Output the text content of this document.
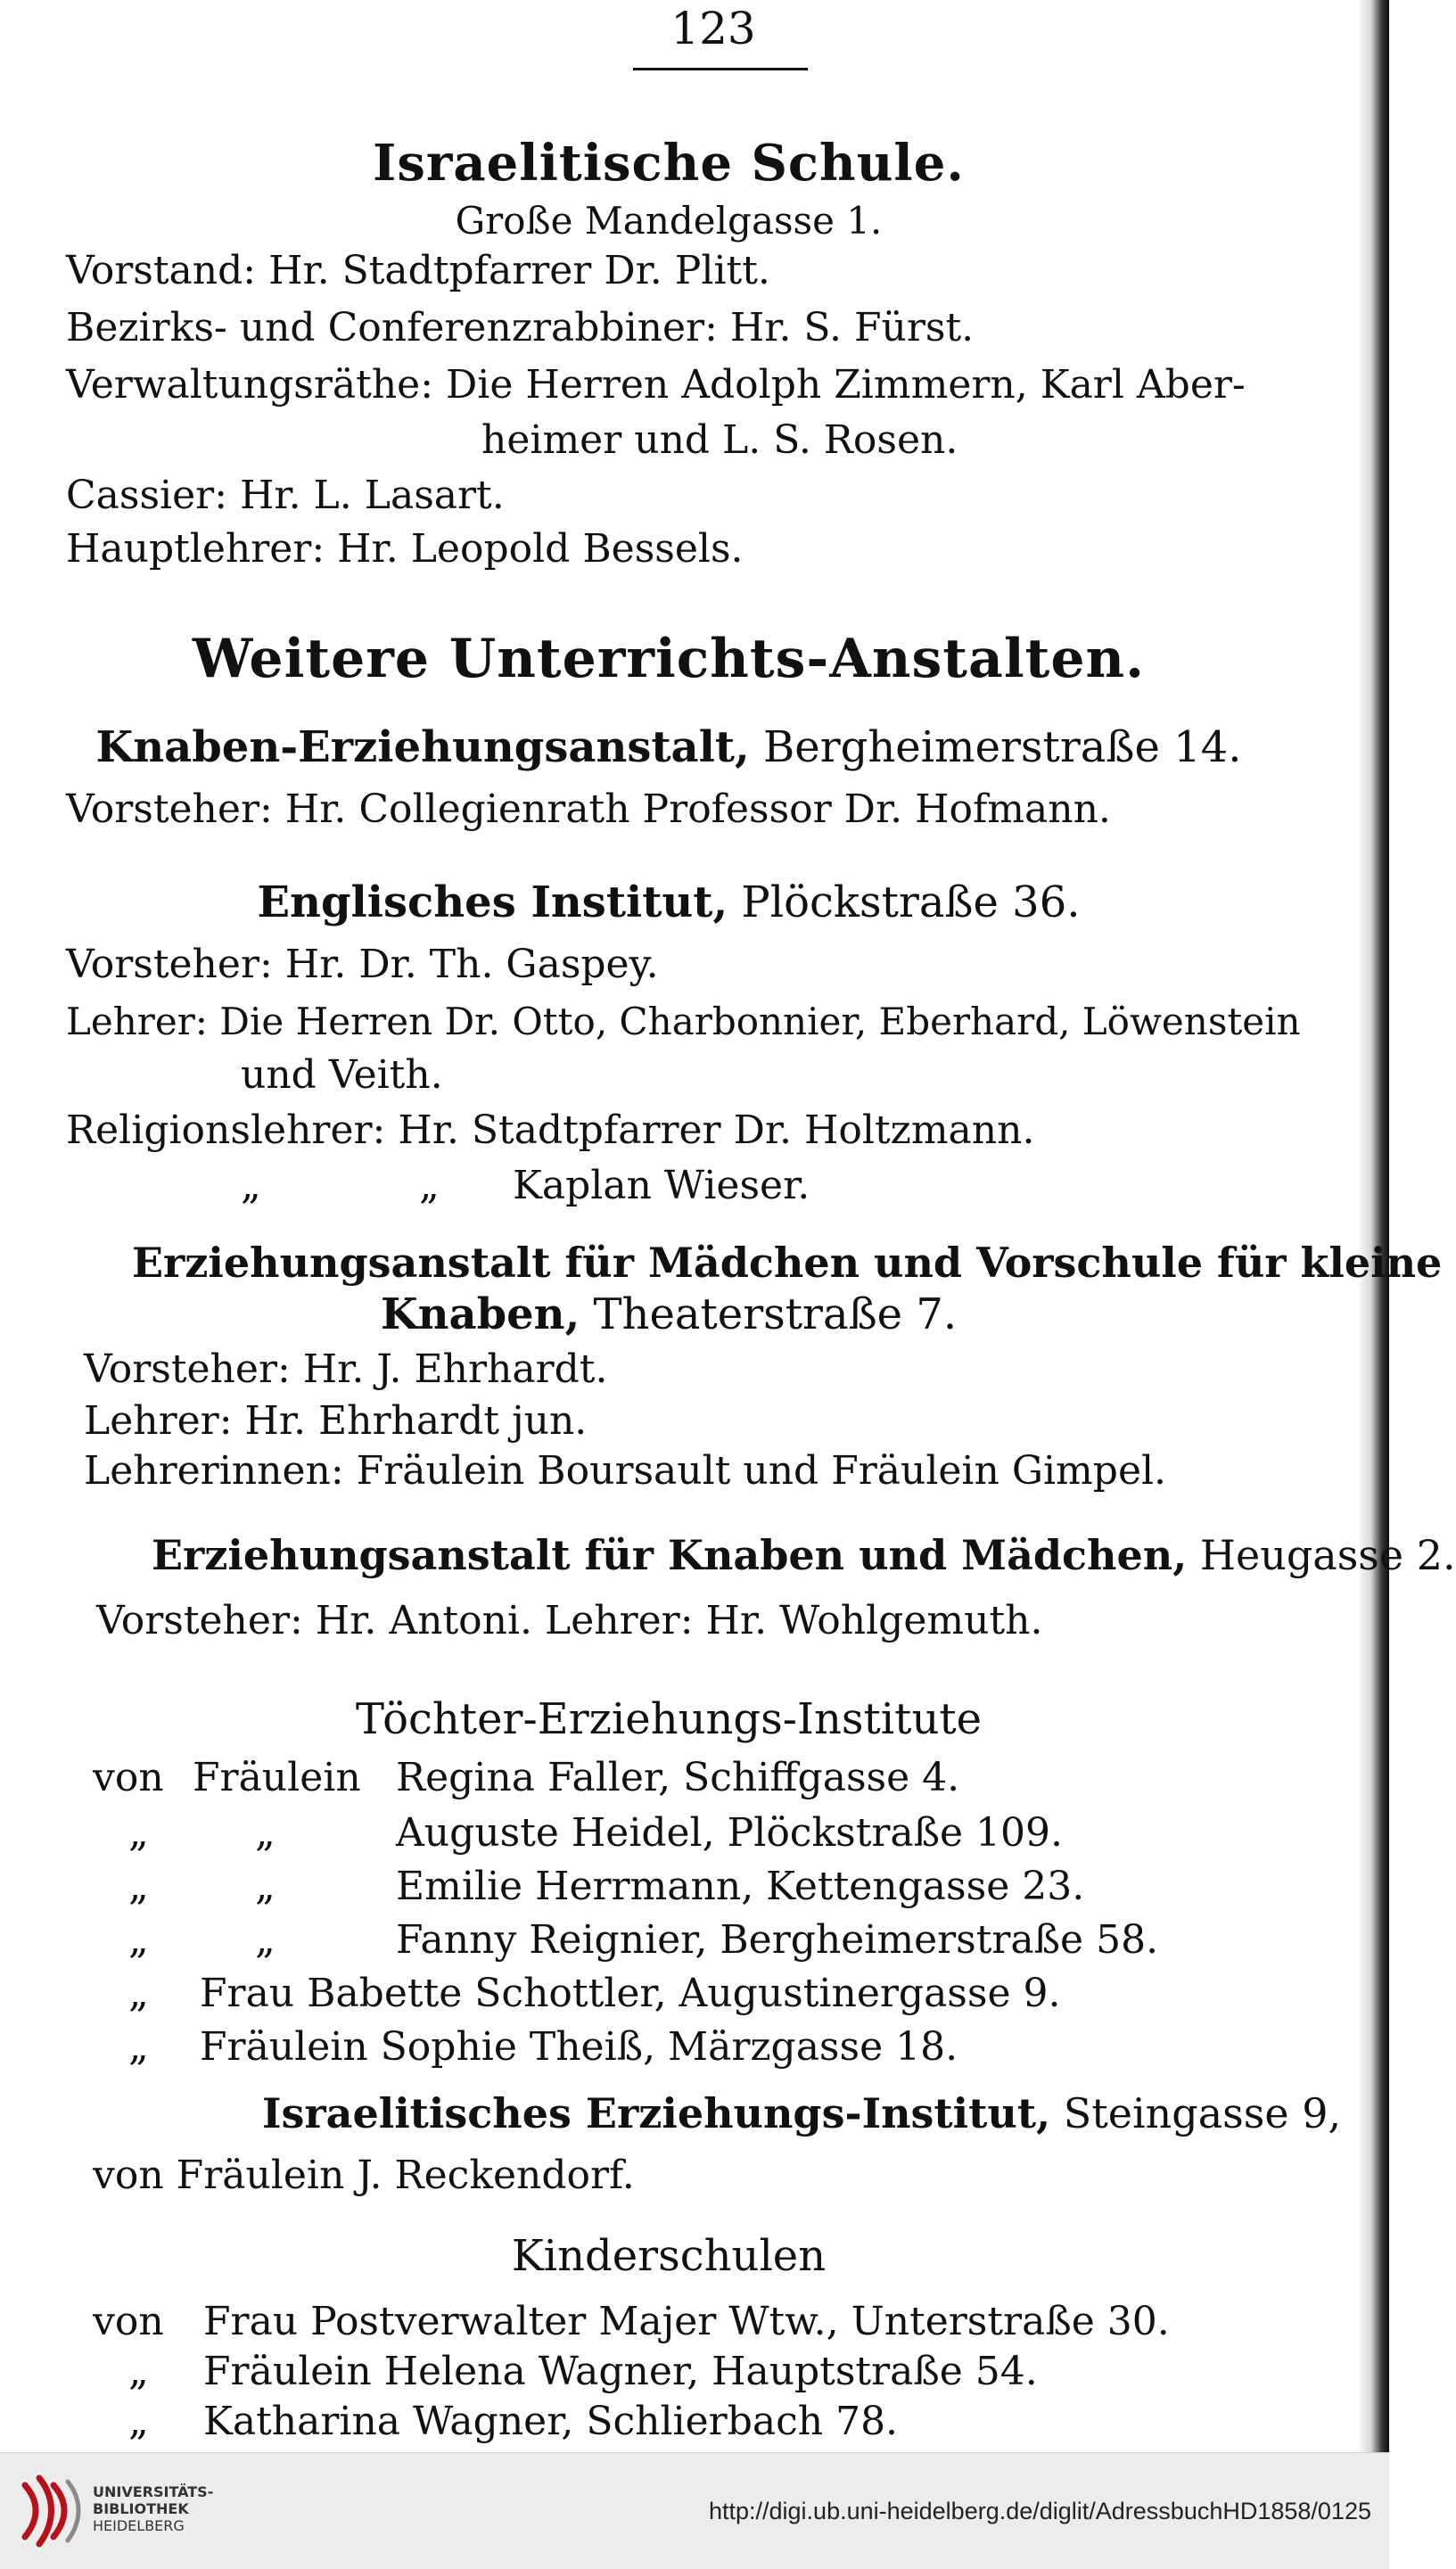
123
Israelitische Schule.
Große Mandelgasse 1.
Vorstand: Hr. Stadtpfarrer Dr. Plitt.
Bezirks- und Conferenzrabbiner: Hr. S. Fürst.
Verwaltungsräthe: Die Herren Adolph Zimmern, Karl Aber-
heimer und L. S. Rosen.
Cassier: Hr. L. Lasart.
Hauptlehrer: Hr. Leopold Bessels.
Weitere Unterrichts-Anstalten.
Knaben-Erziehungsanstalt, Bergheimerstraße 14.
Vorsteher: Hr. Collegienrath Professor Dr. Hofmann.
Englisches Institut, Plöckstraße 36.
Vorsteher: Hr. Dr. Th. Gaspey.
Lehrer: Die Herren Dr. Otto, Charbonnier, Eberhard, Löwenstein
und Veith.
Religionslehrer: Hr. Stadtpfarrer Dr. Holtzmann.
„	„ Kaplan Wieser.
Erziehungsanstalt für Mädchen und Vorschule für kleine
Knaben, Theaterstraße 7.
Vorsteher: Hr. J. Ehrhardt.
Lehrer: Hr. Ehrhardt jun.
Lehrerinnen: Fräulein Boursault und Fräulein Gimpel.
Erziehungsanstalt für Knaben und Mädchen, Heugasse 2.
Vorsteher: Hr. Antoni. Lehrer: Hr. Wohlgemuth.
Töchter-Erziehungs-Institute
von Fräulein Regina Faller, Schiffgasse 4.
„	„	Auguste Heidel, Plöckstraße 109.
„	„	Emilie Herrmann, Kettengasse 23.
„	„	Fanny Reignier, Bergheimerstraße 58.
„ Frau Babette Schottler, Augustinergasse 9.
„ Fräulein Sophie Theiß, Märzgasse 18.
Israelitisches Erziehungs-Institut, Steingasse 9,
von Fräulein J. Reckendorf.
Kinderschulen
von Frau Postverwalter Majer Wtw., Unterstraße 30.
„ Fräulein Helena Wagner, Hauptstraße 54.
„ Katharina Wagner, Schlierbach 78.
UNIVERSITÄTS-
BIBLIOTHEK
HEIDELBERG
http://digi.ub.uni-heidelberg.de/diglit/AdressbuchHD1858/0125
